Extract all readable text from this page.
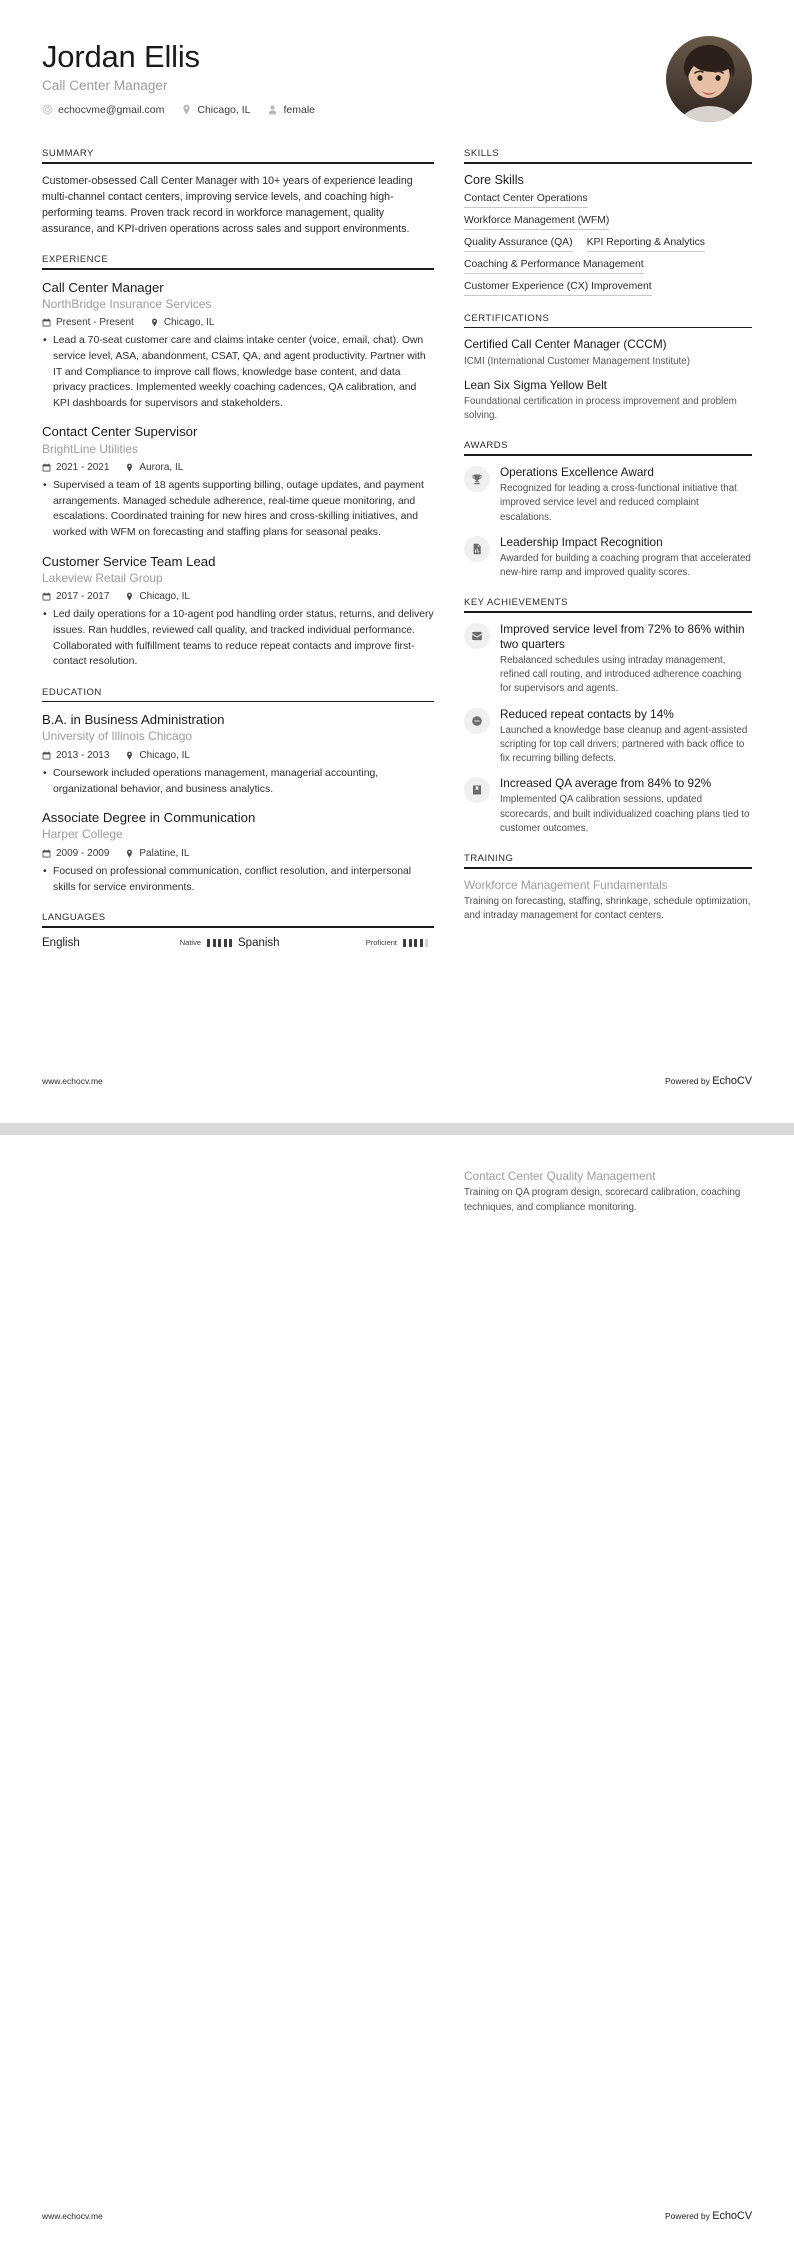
Jordan Ellis
Call Center Manager
echocvme@gmail.com	Chicago, IL	female
SUMMARY
Customer-obsessed Call Center Manager with 10+ years of experience leading multi-channel contact centers, improving service levels, and coaching high-performing teams. Proven track record in workforce management, quality assurance, and KPI-driven operations across sales and support environments.
EXPERIENCE
Call Center Manager
NorthBridge Insurance Services
Present - Present	Chicago, IL
• Lead a 70-seat customer care and claims intake center (voice, email, chat). Own service level, ASA, abandonment, CSAT, QA, and agent productivity. Partner with IT and Compliance to improve call flows, knowledge base content, and data privacy practices. Implemented weekly coaching cadences, QA calibration, and KPI dashboards for supervisors and stakeholders.
Contact Center Supervisor
BrightLine Utilities
2021 - 2021	Aurora, IL
• Supervised a team of 18 agents supporting billing, outage updates, and payment arrangements. Managed schedule adherence, real-time queue monitoring, and escalations. Coordinated training for new hires and cross-skilling initiatives, and worked with WFM on forecasting and staffing plans for seasonal peaks.
Customer Service Team Lead
Lakeview Retail Group
2017 - 2017	Chicago, IL
• Led daily operations for a 10-agent pod handling order status, returns, and delivery issues. Ran huddles, reviewed call quality, and tracked individual performance. Collaborated with fulfillment teams to reduce repeat contacts and improve first-contact resolution.
EDUCATION
B.A. in Business Administration
University of Illinois Chicago
2013 - 2013	Chicago, IL
• Coursework included operations management, managerial accounting, organizational behavior, and business analytics.
Associate Degree in Communication
Harper College
2009 - 2009	Palatine, IL
• Focused on professional communication, conflict resolution, and interpersonal skills for service environments.
LANGUAGES
English	Native	Spanish	Proficient
SKILLS
Core Skills
Contact Center Operations
Workforce Management (WFM)
Quality Assurance (QA) KPI Reporting & Analytics
Coaching & Performance Management
Customer Experience (CX) Improvement
CERTIFICATIONS
Certified Call Center Manager (CCCM)
ICMI (International Customer Management Institute)
Lean Six Sigma Yellow Belt
Foundational certification in process improvement and problem solving.
AWARDS
Operations Excellence Award
Recognized for leading a cross-functional initiative that improved service level and reduced complaint escalations.
Leadership Impact Recognition
Awarded for building a coaching program that accelerated new-hire ramp and improved quality scores.
KEY ACHIEVEMENTS
Improved service level from 72% to 86% within two quarters
Rebalanced schedules using intraday management, refined call routing, and introduced adherence coaching for supervisors and agents.
Reduced repeat contacts by 14%
Launched a knowledge base cleanup and agent-assisted scripting for top call drivers; partnered with back office to fix recurring billing defects.
Increased QA average from 84% to 92%
Implemented QA calibration sessions, updated scorecards, and built individualized coaching plans tied to customer outcomes.
TRAINING
Workforce Management Fundamentals
Training on forecasting, staffing, shrinkage, schedule optimization, and intraday management for contact centers.
www.echocv.me	Powered by EchoCV
Contact Center Quality Management
Training on QA program design, scorecard calibration, coaching techniques, and compliance monitoring.
www.echocv.me	Powered by EchoCV
